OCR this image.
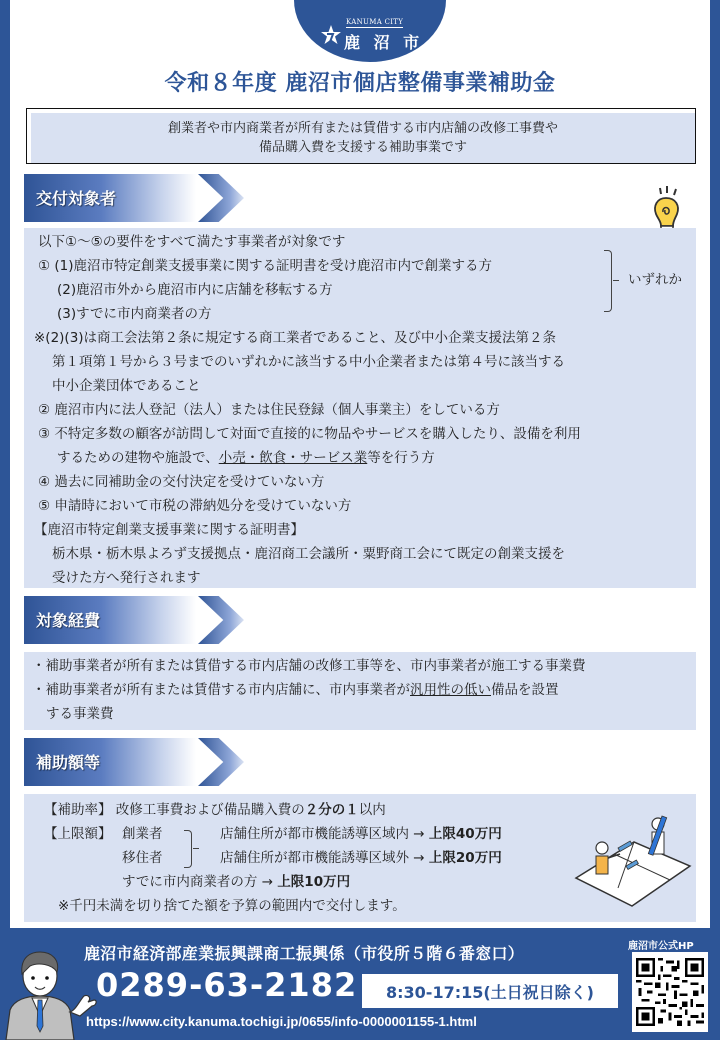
KANUMA CITY
鹿 沼 市
令和８年度 鹿沼市個店整備事業補助金
創業者や市内商業者が所有または賃借する市内店舗の改修工事費や
備品購入費を支援する補助事業です
交付対象者
以下①～⑤の要件をすべて満たす事業者が対象です
① (1)鹿沼市特定創業支援事業に関する証明書を受け鹿沼市内で創業する方
(2)鹿沼市外から鹿沼市内に店舗を移転する方
(3)すでに市内商業者の方
いずれか
※(2)(3)は商工会法第２条に規定する商工業者であること、及び中小企業支援法第２条
第１項第１号から３号までのいずれかに該当する中小企業者または第４号に該当する
中小企業団体であること
② 鹿沼市内に法人登記（法人）または住民登録（個人事業主）をしている方
③ 不特定多数の顧客が訪問して対面で直接的に物品やサービスを購入したり、設備を利用
するための建物や施設で、小売・飲食・サービス業等を行う方
④ 過去に同補助金の交付決定を受けていない方
⑤ 申請時において市税の滞納処分を受けていない方
【鹿沼市特定創業支援事業に関する証明書】
栃木県・栃木県よろず支援拠点・鹿沼商工会議所・粟野商工会にて既定の創業支援を
受けた方へ発行されます
対象経費
・補助事業者が所有または賃借する市内店舗の改修工事等を、市内事業者が施工する事業費
・補助事業者が所有または賃借する市内店舗に、市内事業者が汎用性の低い備品を設置
する事業費
補助額等
【補助率】 改修工事費および備品購入費の２分の１以内
【上限額】 創業者
移住者
店舗住所が都市機能誘導区域内 → 上限40万円
店舗住所が都市機能誘導区域外 → 上限20万円
すでに市内商業者の方 → 上限10万円
※千円未満を切り捨てた額を予算の範囲内で交付します。
鹿沼市経済部産業振興課商工振興係（市役所５階６番窓口）
0289-63-2182	8:30-17:15(土日祝日除く)
https://www.city.kanuma.tochigi.jp/0655/info-0000001155-1.html
鹿沼市公式HP
